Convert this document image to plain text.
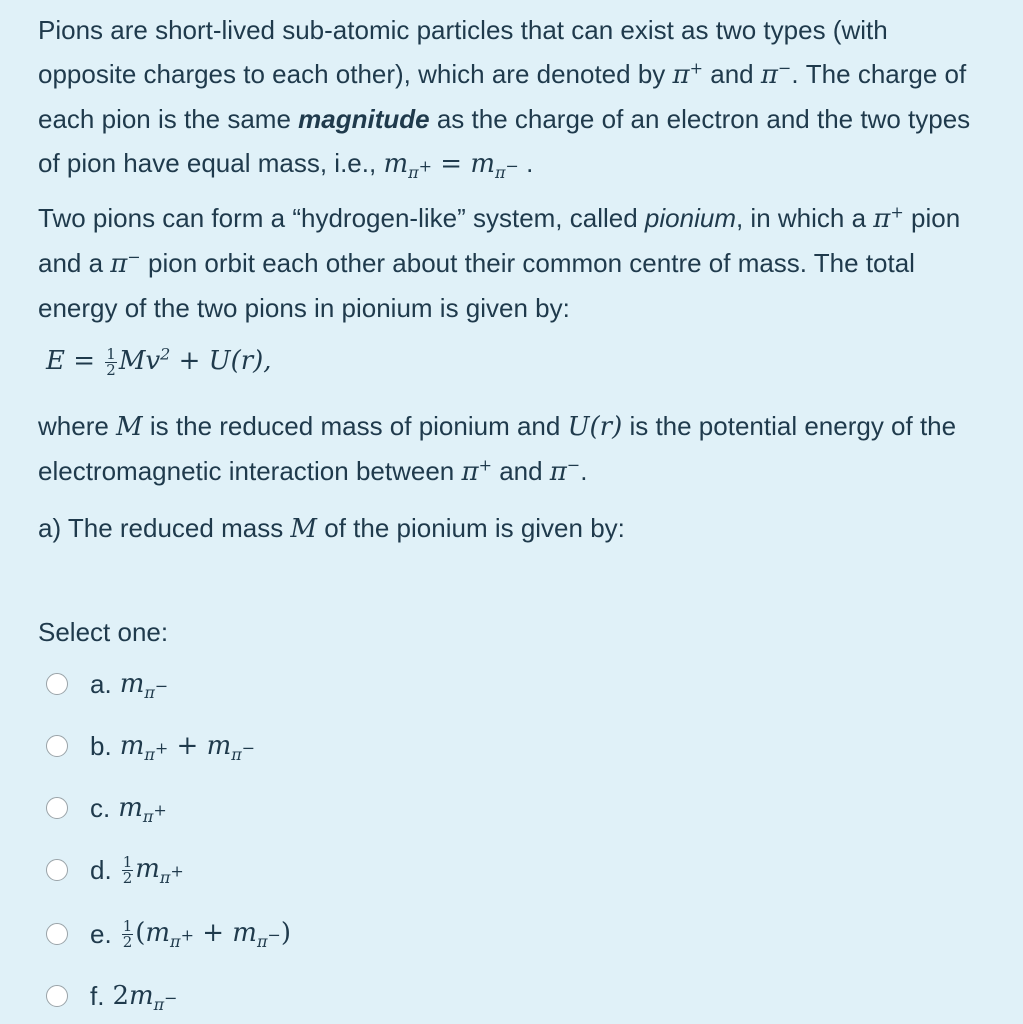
Pions are short-lived sub-atomic particles that can exist as two types (with opposite charges to each other), which are denoted by π+ and π−. The charge of each pion is the same magnitude as the charge of an electron and the two types of pion have equal mass, i.e., $m_{\pi^+} = m_{\pi^-}$ .

Two pions can form a “hydrogen-like” system, called pionium, in which a π+ pion and a π− pion orbit each other about their common centre of mass. The total energy of the two pions in pionium is given by:

$E = \frac{1}{2} Mv^2 + U(r)$,

where M is the reduced mass of pionium and U(r) is the potential energy of the electromagnetic interaction between π+ and π−.

a) The reduced mass M of the pionium is given by:

Select one:
a. $m_{\pi^-}$
b. $m_{\pi^+} + m_{\pi^-}$
c. $m_{\pi^+}$
d. $\frac{1}{2} m_{\pi^+}$
e. $\frac{1}{2} (m_{\pi^+} + m_{\pi^-})$
f. $2m_{\pi^-}$
